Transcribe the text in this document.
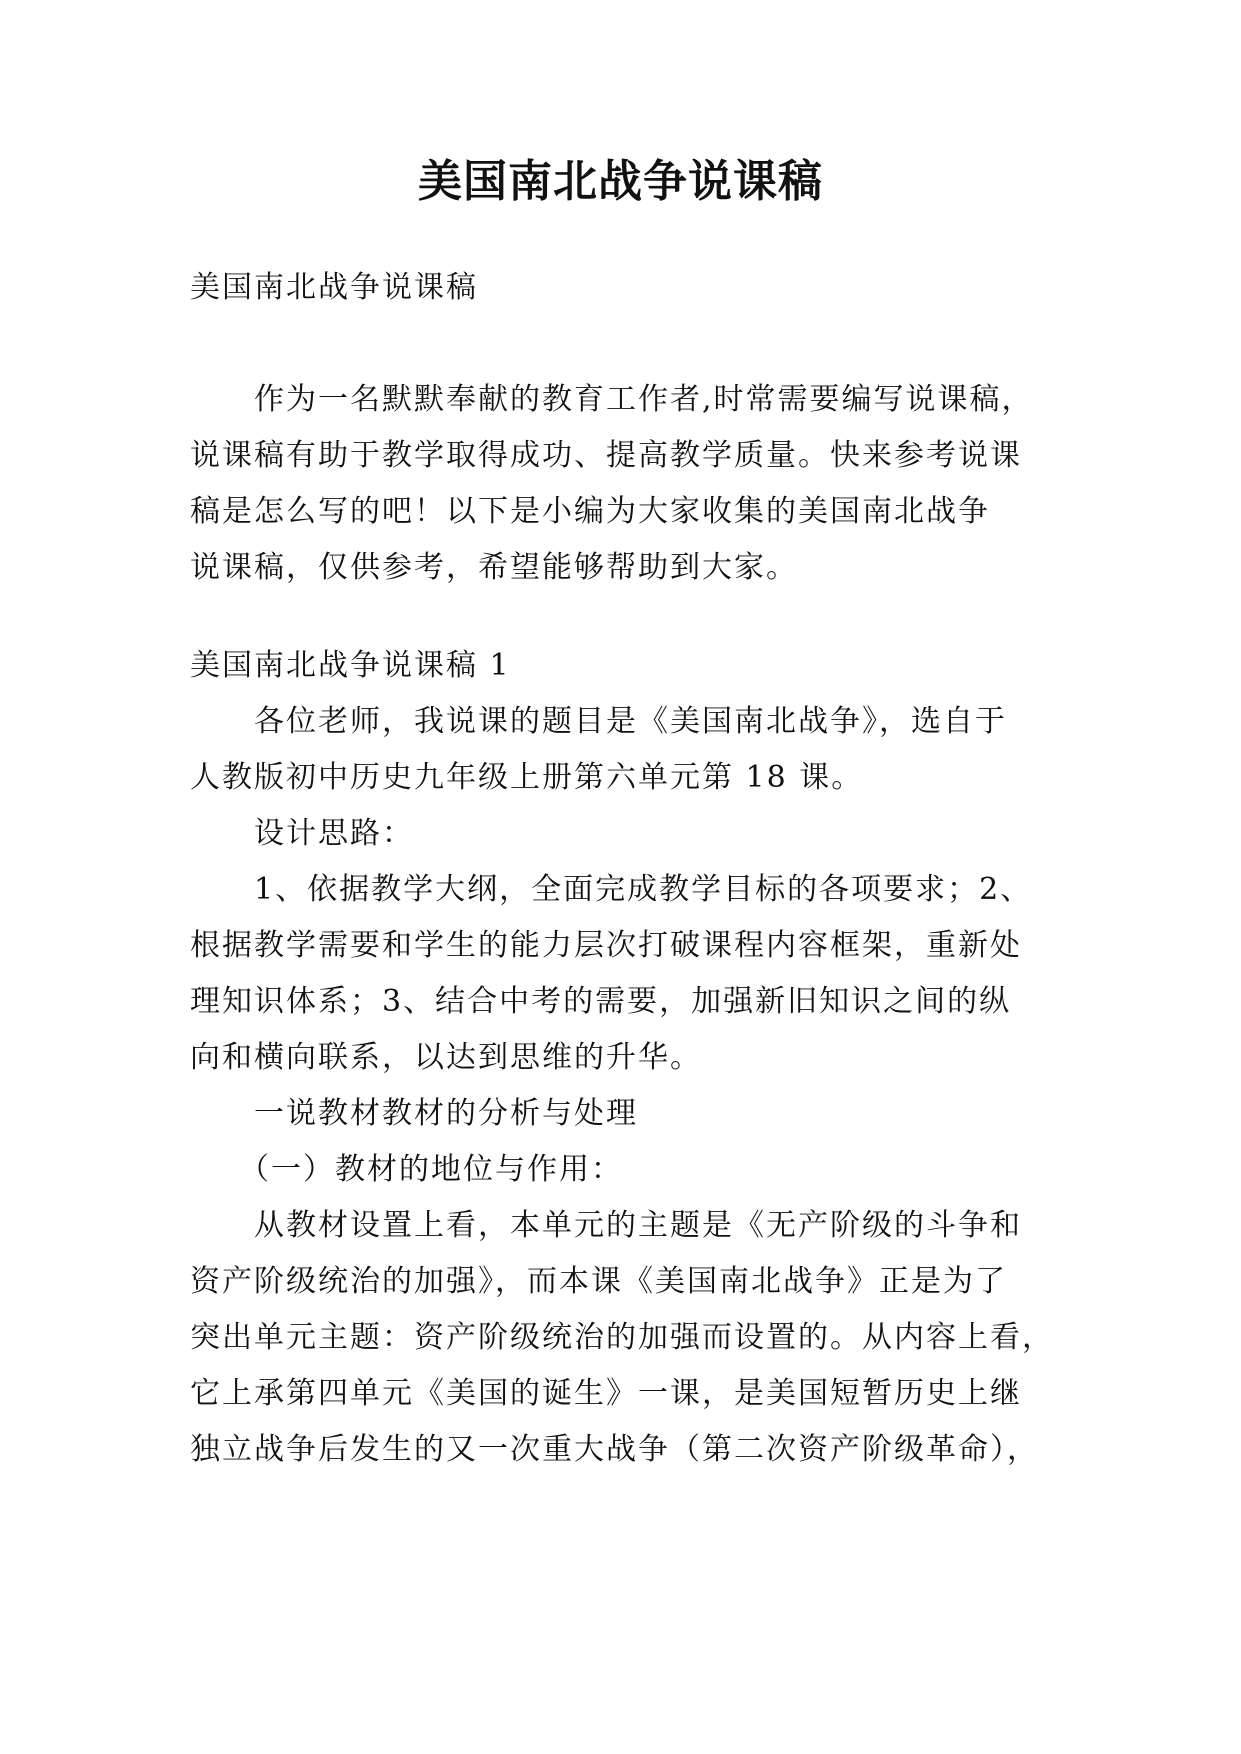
美国南北战争说课稿
美国南北战争说课稿
　　作为一名默默奉献的教育工作者,时常需要编写说课稿，
说课稿有助于教学取得成功、提高教学质量。快来参考说课
稿是怎么写的吧！以下是小编为大家收集的美国南北战争
说课稿，仅供参考，希望能够帮助到大家。
美国南北战争说课稿 1
　　各位老师，我说课的题目是《美国南北战争》，选自于
人教版初中历史九年级上册第六单元第 18 课。
　　设计思路：
　　1、依据教学大纲，全面完成教学目标的各项要求；2、
根据教学需要和学生的能力层次打破课程内容框架，重新处
理知识体系；3、结合中考的需要，加强新旧知识之间的纵
向和横向联系，以达到思维的升华。
　　一说教材教材的分析与处理
　　（一）教材的地位与作用：
　　从教材设置上看，本单元的主题是《无产阶级的斗争和
资产阶级统治的加强》，而本课《美国南北战争》正是为了
突出单元主题：资产阶级统治的加强而设置的。从内容上看，
它上承第四单元《美国的诞生》一课，是美国短暂历史上继
独立战争后发生的又一次重大战争（第二次资产阶级革命），
